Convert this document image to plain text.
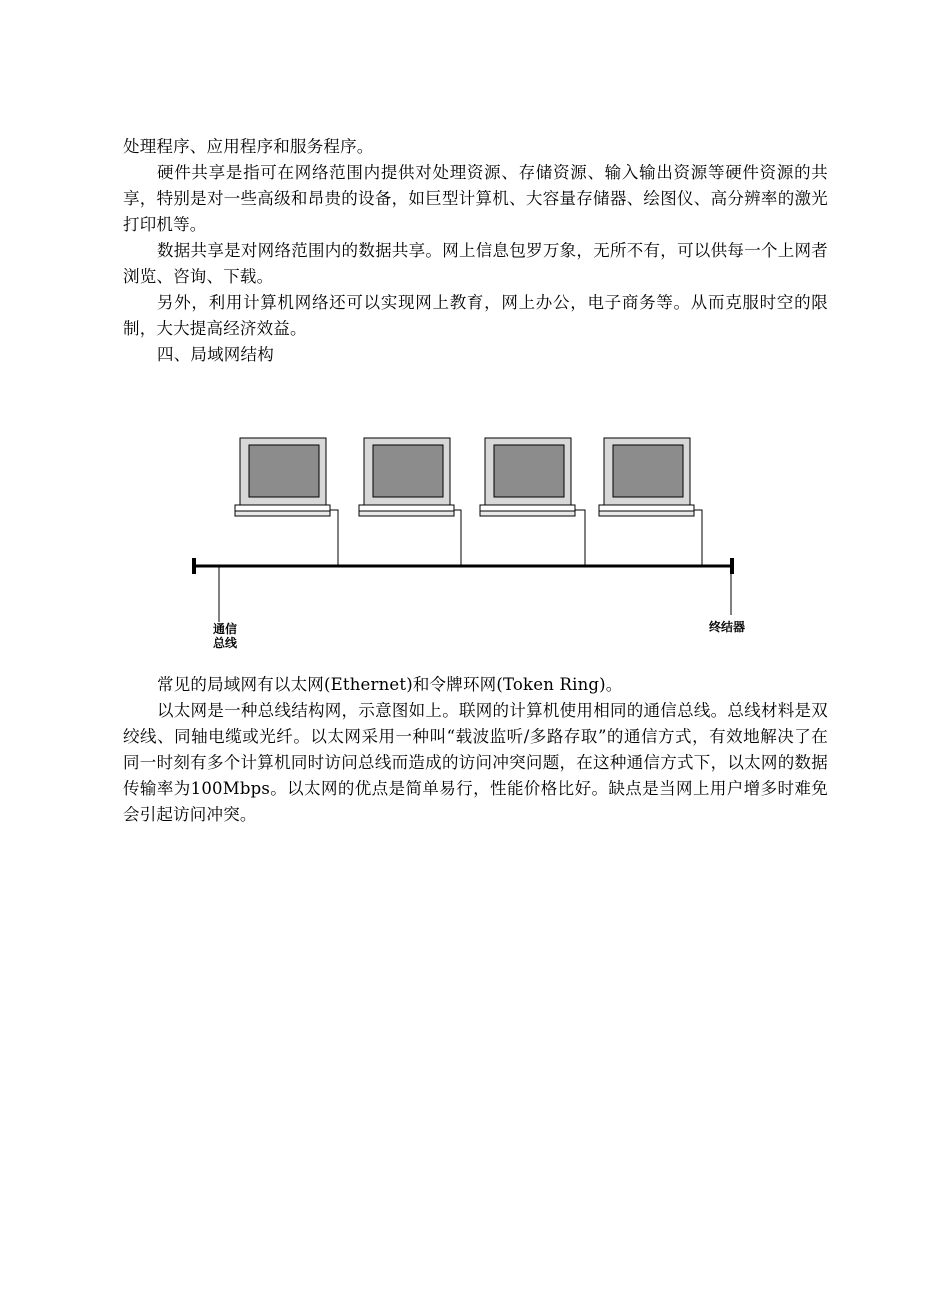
处理程序、应用程序和服务程序。

硬件共享是指可在网络范围内提供对处理资源、存储资源、输入输出资源等硬件资源的共享，特别是对一些高级和昂贵的设备，如巨型计算机、大容量存储器、绘图仪、高分辨率的激光打印机等。

数据共享是对网络范围内的数据共享。网上信息包罗万象，无所不有，可以供每一个上网者浏览、咨询、下载。

另外，利用计算机网络还可以实现网上教育，网上办公，电子商务等。从而克服时空的限制，大大提高经济效益。

四、局域网结构

通信
总线
终结器

常见的局域网有以太网(Ethernet)和令牌环网(Token Ring)。

以太网是一种总线结构网，示意图如上。联网的计算机使用相同的通信总线。总线材料是双绞线、同轴电缆或光纤。以太网采用一种叫“载波监听/多路存取”的通信方式，有效地解决了在同一时刻有多个计算机同时访问总线而造成的访问冲突问题，在这种通信方式下，以太网的数据传输率为100Mbps。以太网的优点是简单易行，性能价格比好。缺点是当网上用户增多时难免会引起访问冲突。
